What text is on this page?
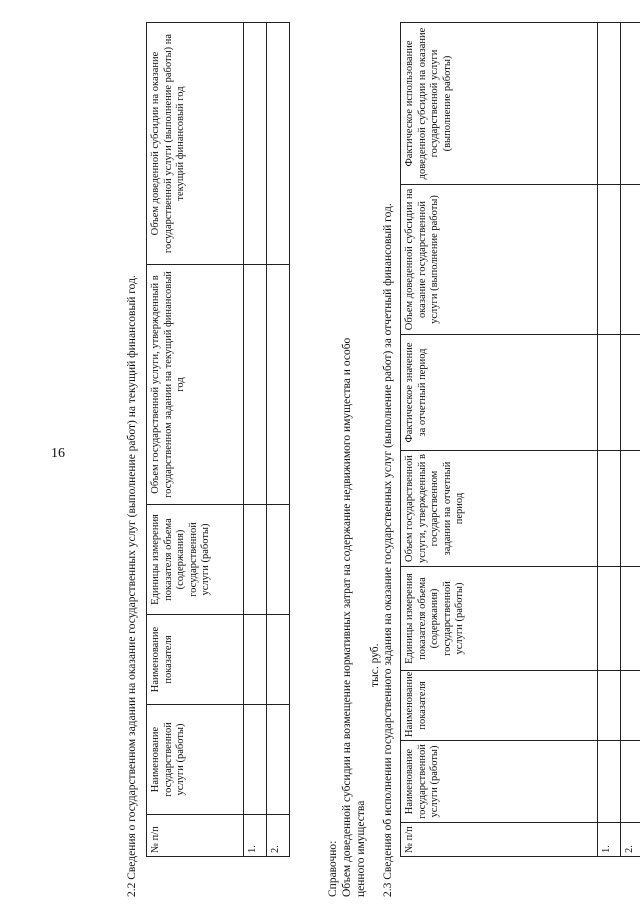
16	2.2 Сведения о государственном задании на оказание государственных услуг (выполнение работ) на текущий финансовый год. № п/п	Наименование государственной услуги (работы)	Наименование показателя	Единицы измерения показателя объема (содержания) государственной услуги (работы)	Объем государственной услуги, утвержденный в государственном задании на текущий финансовый год	Объем доведенной субсидии на оказание государственной услуги (выполнение работы) на текущий финансовый год
1.					
2.						Справочно: Объем доведенной субсидии на возмещение нормативных затрат на содержание недвижимого имущества и особо ценного имущества

тыс. руб. 2.3 Сведения об исполнении государственного задания на оказание государственных услуг (выполнение работ) за отчетный финансовый год. № п/п	Наименование государственной услуги (работы)	Наименование показателя	Единицы измерения показателя объема (содержания) государственной услуги (работы)	Объем государственной услуги, утвержденный в государственном задании на отчетный период	Фактическое значение за отчетный период	Объем доведенной субсидии на оказание государственной услуги (выполнение работы)	Фактическое использование доведенной субсидии на оказание государственной услуги (выполнение работы)
1.							
2.							
